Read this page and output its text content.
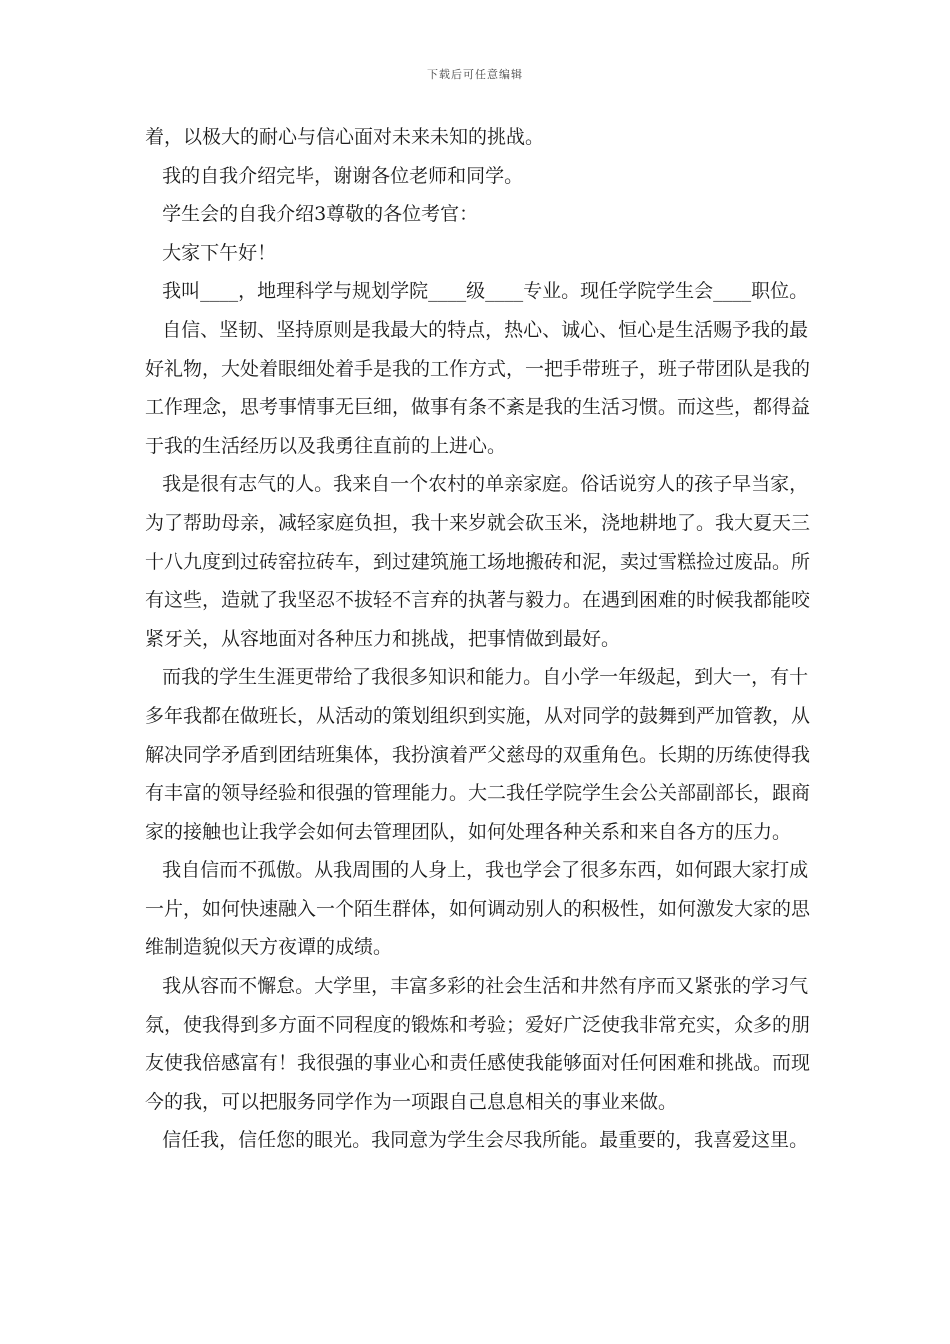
下载后可任意编辑

着，以极大的耐心与信心面对未来未知的挑战。

我的自我介绍完毕，谢谢各位老师和同学。

学生会的自我介绍3尊敬的各位考官：

大家下午好！

我叫____，地理科学与规划学院____级____专业。现任学院学生会____职位。

自信、坚韧、坚持原则是我最大的特点，热心、诚心、恒心是生活赐予我的最好礼物，大处着眼细处着手是我的工作方式，一把手带班子，班子带团队是我的工作理念，思考事情事无巨细，做事有条不紊是我的生活习惯。而这些，都得益于我的生活经历以及我勇往直前的上进心。

我是很有志气的人。我来自一个农村的单亲家庭。俗话说穷人的孩子早当家，为了帮助母亲，减轻家庭负担，我十来岁就会砍玉米，浇地耕地了。我大夏天三十八九度到过砖窑拉砖车，到过建筑施工场地搬砖和泥，卖过雪糕捡过废品。所有这些，造就了我坚忍不拔轻不言弃的执著与毅力。在遇到困难的时候我都能咬紧牙关，从容地面对各种压力和挑战，把事情做到最好。

而我的学生生涯更带给了我很多知识和能力。自小学一年级起，到大一，有十多年我都在做班长，从活动的策划组织到实施，从对同学的鼓舞到严加管教，从解决同学矛盾到团结班集体，我扮演着严父慈母的双重角色。长期的历练使得我有丰富的领导经验和很强的管理能力。大二我任学院学生会公关部副部长，跟商家的接触也让我学会如何去管理团队，如何处理各种关系和来自各方的压力。

我自信而不孤傲。从我周围的人身上，我也学会了很多东西，如何跟大家打成一片，如何快速融入一个陌生群体，如何调动别人的积极性，如何激发大家的思维制造貌似天方夜谭的成绩。

我从容而不懈怠。大学里，丰富多彩的社会生活和井然有序而又紧张的学习气氛，使我得到多方面不同程度的锻炼和考验；爱好广泛使我非常充实，众多的朋友使我倍感富有！我很强的事业心和责任感使我能够面对任何困难和挑战。而现今的我，可以把服务同学作为一项跟自己息息相关的事业来做。

信任我，信任您的眼光。我同意为学生会尽我所能。最重要的，我喜爱这里。
